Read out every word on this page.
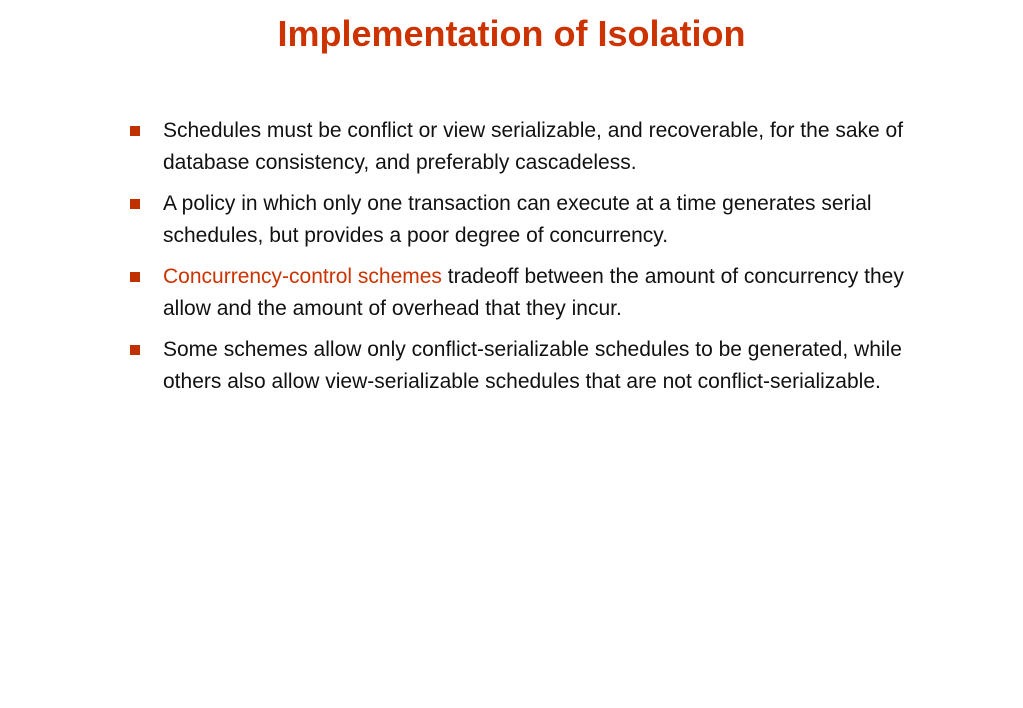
Implementation of Isolation
Schedules must be conflict or view serializable, and recoverable, for the sake of database consistency, and preferably cascadeless.
A policy in which only one transaction can execute at a time generates serial schedules, but provides a poor degree of concurrency.
Concurrency-control schemes tradeoff between the amount of concurrency they allow and the amount of overhead that they incur.
Some schemes allow only conflict-serializable schedules to be generated, while others also allow view-serializable schedules that are not conflict-serializable.
